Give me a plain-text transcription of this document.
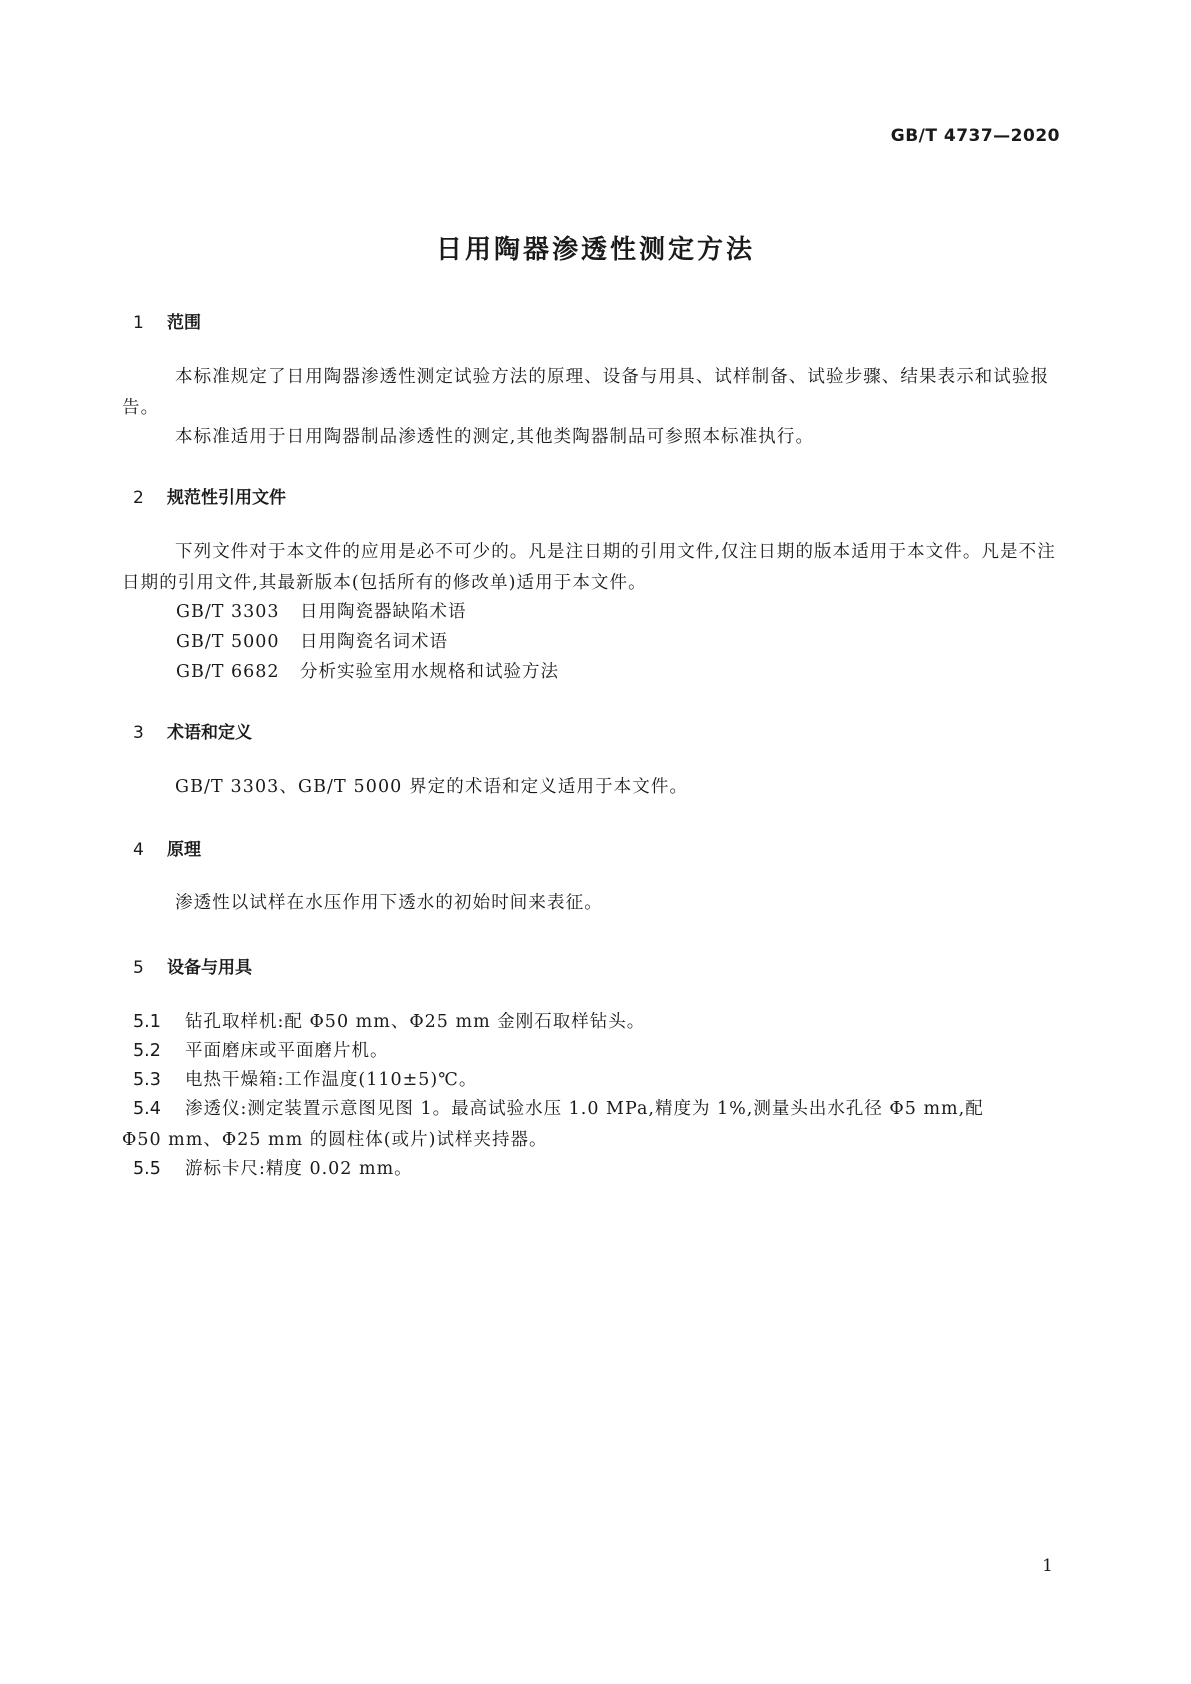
GB/T 4737—2020
日用陶器渗透性测定方法
1 范围
本标准规定了日用陶器渗透性测定试验方法的原理、设备与用具、试样制备、试验步骤、结果表示和试验报告。
本标准适用于日用陶器制品渗透性的测定,其他类陶器制品可参照本标准执行。
2 规范性引用文件
下列文件对于本文件的应用是必不可少的。凡是注日期的引用文件,仅注日期的版本适用于本文件。凡是不注日期的引用文件,其最新版本(包括所有的修改单)适用于本文件。
GB/T 3303 日用陶瓷器缺陷术语
GB/T 5000 日用陶瓷名词术语
GB/T 6682 分析实验室用水规格和试验方法
3 术语和定义
GB/T 3303、GB/T 5000 界定的术语和定义适用于本文件。
4 原理
渗透性以试样在水压作用下透水的初始时间来表征。
5 设备与用具
5.1 钻孔取样机:配 Φ50 mm、Φ25 mm 金刚石取样钻头。
5.2 平面磨床或平面磨片机。
5.3 电热干燥箱:工作温度(110±5)℃。
5.4 渗透仪:测定装置示意图见图 1。最高试验水压 1.0 MPa,精度为 1%,测量头出水孔径 Φ5 mm,配
Φ50 mm、Φ25 mm 的圆柱体(或片)试样夹持器。
5.5 游标卡尺:精度 0.02 mm。
1
